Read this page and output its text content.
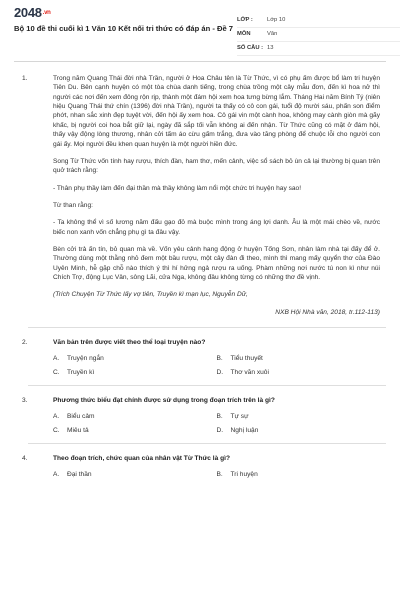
$2048^{.vn}$
Bộ 10 đề thi cuối kì 1 Văn 10 Kết nối tri thức có đáp án - Đề 7
LỚP :	Lớp 10
MÔN	Văn
SỐ CÂU : 13
1.	Trong năm Quang Thái đời nhà Trần, người ở Hoa Châu tên là Từ Thức, vì có phụ ấm được bổ làm tri huyện Tiên Du. Bên cạnh huyện có một tòa chùa danh tiếng, trong chùa trồng một cây mẫu đơn, đến kì hoa nở thì người các nơi đến xem đông rộn rịp, thành một đám hội xem hoa tưng bừng lắm. Tháng Hai năm Bính Tý (niên hiệu Quang Thái thứ chín (1396) đời nhà Trần), người ta thấy có cô con gái, tuổi độ mười sáu, phấn son điểm phớt, nhan sắc xinh đẹp tuyệt vời, đến hội ấy xem hoa. Cô gái vin một cành hoa, không may cành giòn mà gãy khấc, bị người coi hoa bắt giữ lại, ngày đã sắp tối vẫn không ai đến nhận. Từ Thức cũng có mặt ở đám hội, thấy vậy động lòng thương, nhân cởi tấm áo cừu gấm trắng, đưa vào tăng phòng để chuộc lỗi cho người con gái ấy. Mọi người đều khen quan huyện là một người hiền đức.

Song Từ Thức vốn tính hay rượu, thích đàn, ham thơ, mến cảnh, việc sổ sách bỏ ùn cả lại thường bị quan trên quở trách rằng:

- Thân phụ thầy làm đến đại thần mà thầy không làm nổi một chức tri huyện hay sao!

Từ than rằng:

- Ta không thể vì số lương năm đấu gạo đỏ mà buộc mình trong áng lợi danh. Âu là một mái chèo về, nước biếc non xanh vốn chẳng phụ gì ta đâu vậy.

Bèn cởi trả ấn tín, bỏ quan mà về. Vốn yêu cảnh hang động ở huyện Tống Sơn, nhân làm nhà tại đấy để ở. Thường dùng một thằng nhỏ đem một bầu rượu, một cây đàn đi theo, mình thì mang mấy quyển thơ của Đào Uyên Minh, hễ gặp chỗ nào thích ý thì hí hửng ngả rượu ra uống. Phàm những nơi nước tú non kì như núi Chích Trợ, động Lục Vân, sông Lãi, cửa Nga, không đâu không từng có những thơ đề vịnh.

(Trích Chuyện Từ Thức lấy vợ tiên, Truyền kì mạn lục, Nguyễn Dữ,

NXB Hội Nhà văn, 2018, tr.112-113)

2.	Văn bản trên được viết theo thể loại truyện nào?

A.	Truyện ngắn	B.	Tiểu thuyết
C.	Truyền kì	D.	Thơ văn xuôi
3.	Phương thức biểu đạt chính được sử dụng trong đoạn trích trên là gì?

A.	Biểu cảm	B.	Tự sự
C.	Miêu tả	D.	Nghị luận
4.	Theo đoạn trích, chức quan của nhân vật Từ Thức là gì?

A.	Đại thần	B.	Tri huyện
